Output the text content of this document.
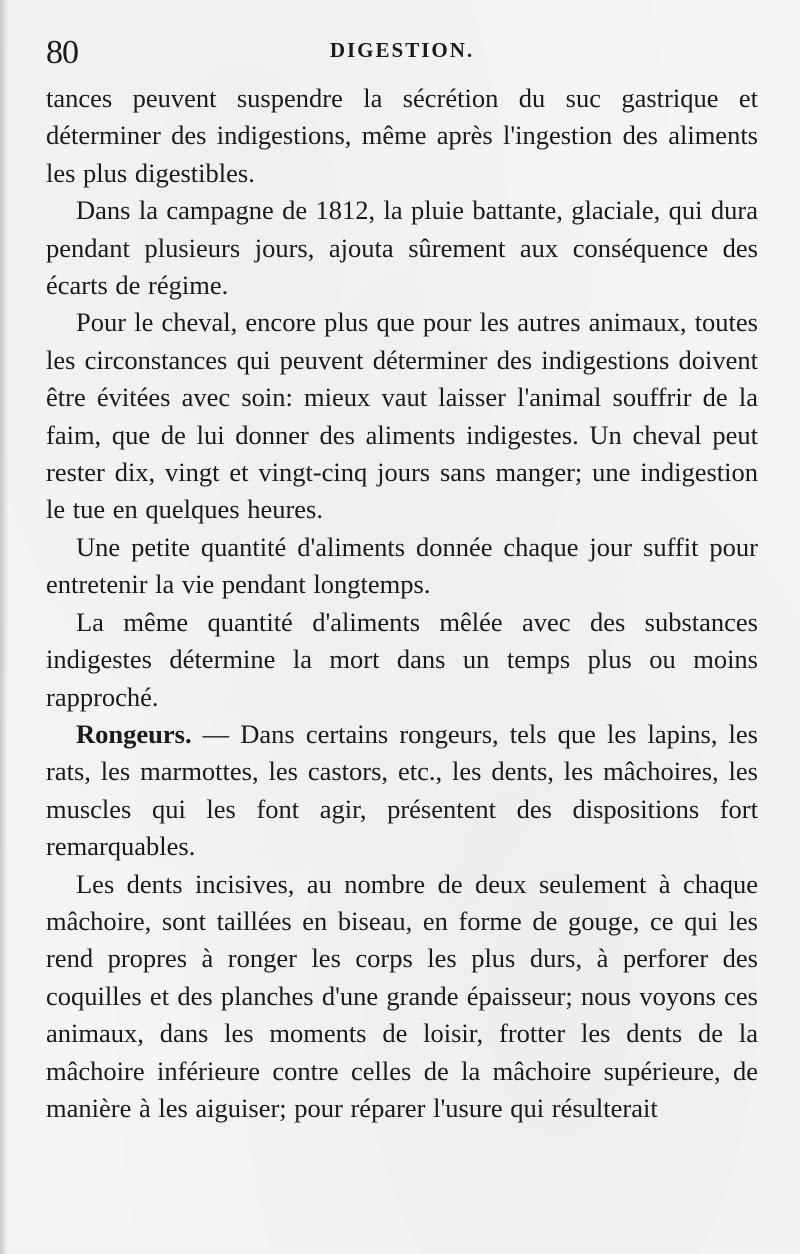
80	DIGESTION.

tances peuvent suspendre la sécrétion du suc gastrique et déterminer des indigestions, même après l'ingestion des aliments les plus digestibles.

Dans la campagne de 1812, la pluie battante, glaciale, qui dura pendant plusieurs jours, ajouta sûrement aux conséquence des écarts de régime.

Pour le cheval, encore plus que pour les autres animaux, toutes les circonstances qui peuvent déterminer des indigestions doivent être évitées avec soin: mieux vaut laisser l'animal souffrir de la faim, que de lui donner des aliments indigestes. Un cheval peut rester dix, vingt et vingt-cinq jours sans manger; une indigestion le tue en quelques heures.

Une petite quantité d'aliments donnée chaque jour suffit pour entretenir la vie pendant longtemps.

La même quantité d'aliments mêlée avec des substances indigestes détermine la mort dans un temps plus ou moins rapproché.

Rongeurs. — Dans certains rongeurs, tels que les lapins, les rats, les marmottes, les castors, etc., les dents, les mâchoires, les muscles qui les font agir, présentent des dispositions fort remarquables.

Les dents incisives, au nombre de deux seulement à chaque mâchoire, sont taillées en biseau, en forme de gouge, ce qui les rend propres à ronger les corps les plus durs, à perforer des coquilles et des planches d'une grande épaisseur; nous voyons ces animaux, dans les moments de loisir, frotter les dents de la mâchoire inférieure contre celles de la mâchoire supérieure, de manière à les aiguiser; pour réparer l'usure qui résulterait
